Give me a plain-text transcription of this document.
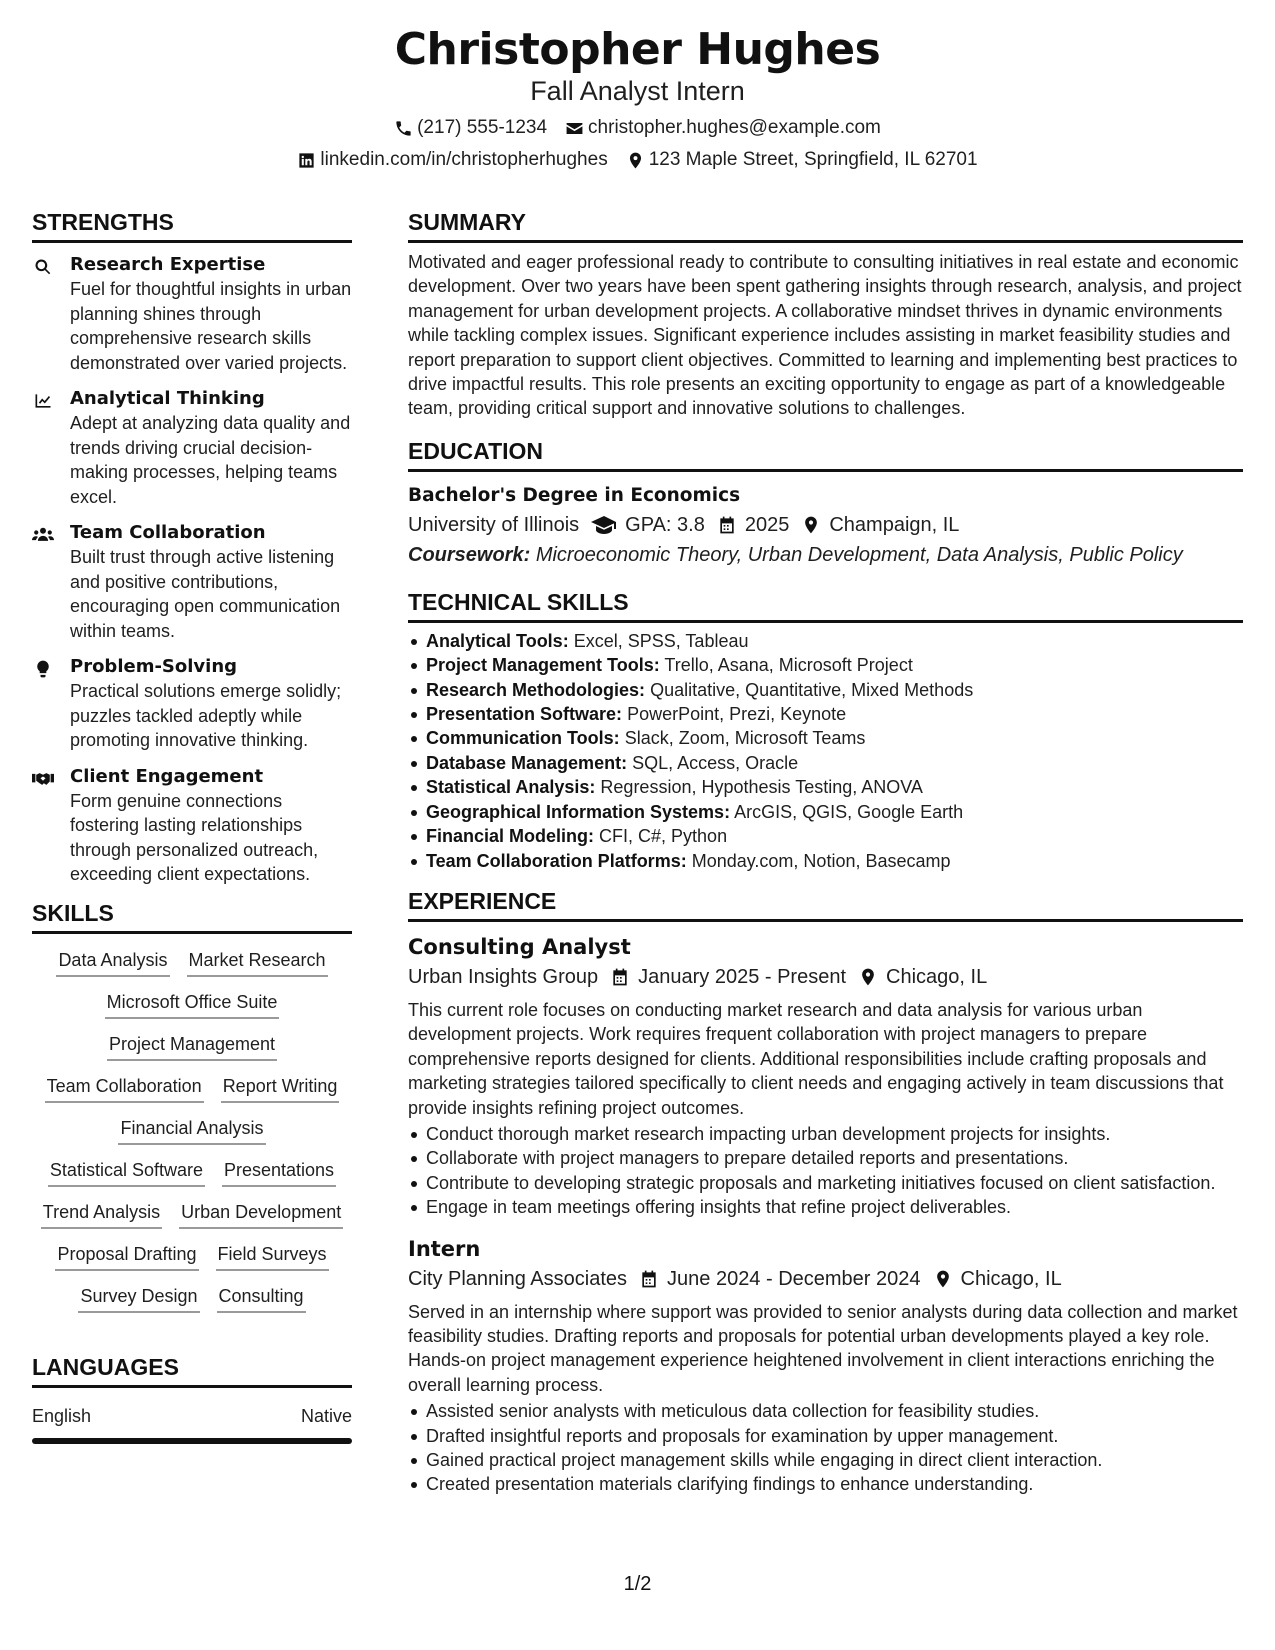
Christopher Hughes
Fall Analyst Intern
(217) 555-1234 christopher.hughes@example.com
linkedin.com/in/christopherhughes 123 Maple Street, Springfield, IL 62701
STRENGTHS
Research Expertise
Fuel for thoughtful insights in urban planning shines through comprehensive research skills demonstrated over varied projects.
Analytical Thinking
Adept at analyzing data quality and trends driving crucial decision-making processes, helping teams excel.
Team Collaboration
Built trust through active listening and positive contributions, encouraging open communication within teams.
Problem-Solving
Practical solutions emerge solidly; puzzles tackled adeptly while promoting innovative thinking.
Client Engagement
Form genuine connections fostering lasting relationships through personalized outreach, exceeding client expectations.
SKILLS
Data Analysis Market Research
Microsoft Office Suite
Project Management
Team Collaboration Report Writing
Financial Analysis
Statistical Software Presentations
Trend Analysis Urban Development
Proposal Drafting Field Surveys
Survey Design Consulting
LANGUAGES
English	Native
SUMMARY
Motivated and eager professional ready to contribute to consulting initiatives in real estate and economic development. Over two years have been spent gathering insights through research, analysis, and project management for urban development projects. A collaborative mindset thrives in dynamic environments while tackling complex issues. Significant experience includes assisting in market feasibility studies and report preparation to support client objectives. Committed to learning and implementing best practices to drive impactful results. This role presents an exciting opportunity to engage as part of a knowledgeable team, providing critical support and innovative solutions to challenges.
EDUCATION
Bachelor's Degree in Economics
University of Illinois GPA: 3.8 2025 Champaign, IL
Coursework: Microeconomic Theory, Urban Development, Data Analysis, Public Policy
TECHNICAL SKILLS
Analytical Tools: Excel, SPSS, Tableau
Project Management Tools: Trello, Asana, Microsoft Project
Research Methodologies: Qualitative, Quantitative, Mixed Methods
Presentation Software: PowerPoint, Prezi, Keynote
Communication Tools: Slack, Zoom, Microsoft Teams
Database Management: SQL, Access, Oracle
Statistical Analysis: Regression, Hypothesis Testing, ANOVA
Geographical Information Systems: ArcGIS, QGIS, Google Earth
Financial Modeling: CFI, C#, Python
Team Collaboration Platforms: Monday.com, Notion, Basecamp
EXPERIENCE
Consulting Analyst
Urban Insights Group January 2025 - Present Chicago, IL
This current role focuses on conducting market research and data analysis for various urban development projects. Work requires frequent collaboration with project managers to prepare comprehensive reports designed for clients. Additional responsibilities include crafting proposals and marketing strategies tailored specifically to client needs and engaging actively in team discussions that provide insights refining project outcomes.
Conduct thorough market research impacting urban development projects for insights.
Collaborate with project managers to prepare detailed reports and presentations.
Contribute to developing strategic proposals and marketing initiatives focused on client satisfaction.
Engage in team meetings offering insights that refine project deliverables.
Intern
City Planning Associates June 2024 - December 2024 Chicago, IL
Served in an internship where support was provided to senior analysts during data collection and market feasibility studies. Drafting reports and proposals for potential urban developments played a key role. Hands-on project management experience heightened involvement in client interactions enriching the overall learning process.
Assisted senior analysts with meticulous data collection for feasibility studies.
Drafted insightful reports and proposals for examination by upper management.
Gained practical project management skills while engaging in direct client interaction.
Created presentation materials clarifying findings to enhance understanding.
1/2
